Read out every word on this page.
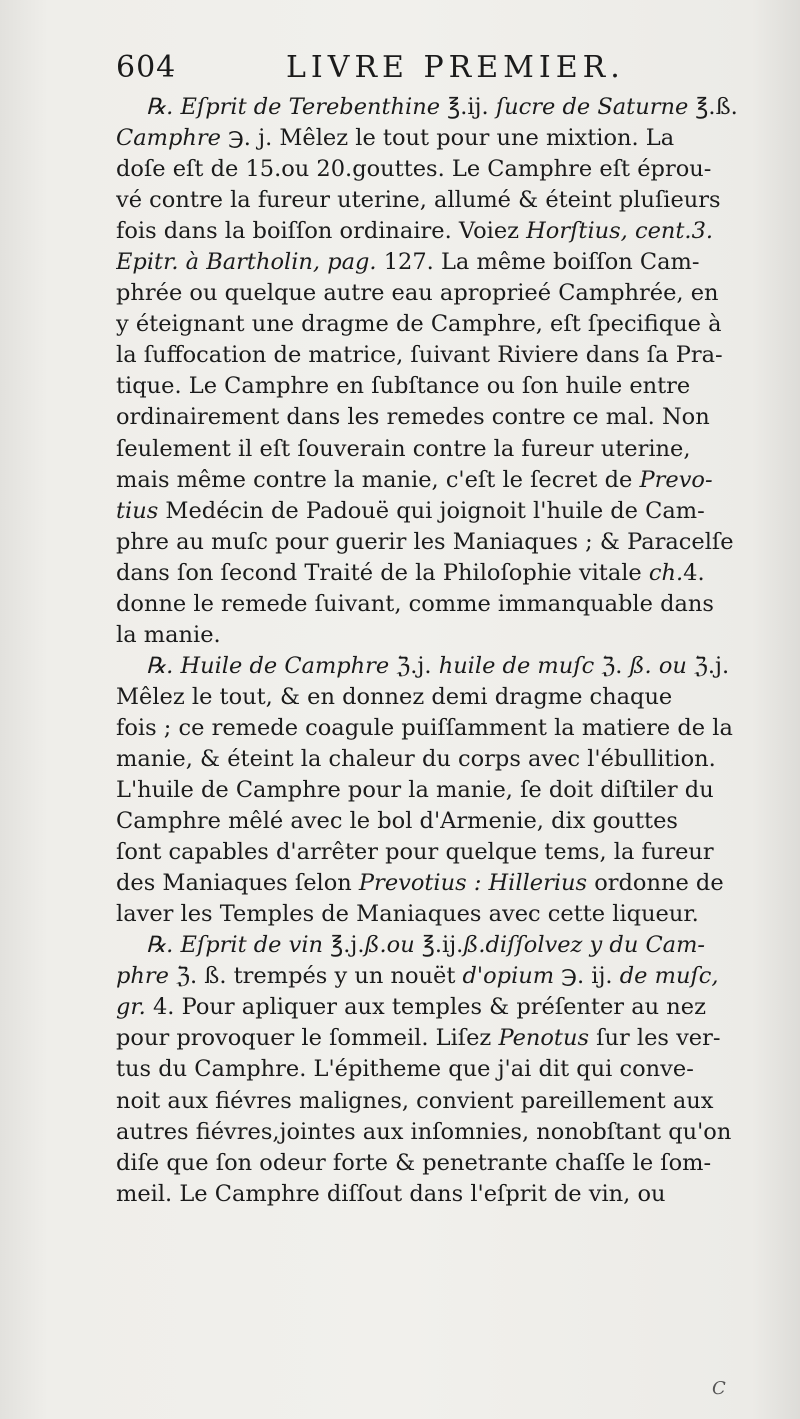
604	LIVRE PREMIER.
℞. Eſprit de Terebenthine ℥.ij. ſucre de Saturne ℥.ß.
Camphre ℈. j. Mêlez le tout pour une mixtion. La
doſe eſt de 15.ou 20.gouttes. Le Camphre eſt éprou-
vé contre la fureur uterine, allumé & éteint pluſieurs
fois dans la boiſſon ordinaire. Voiez Horſtius, cent.3.
Epitr. à Bartholin, pag. 127. La même boiſſon Cam-
phrée ou quelque autre eau aproprieé Camphrée, en
y éteignant une dragme de Camphre, eſt ſpecifique à
la ſuffocation de matrice, ſuivant Riviere dans ſa Pra-
tique. Le Camphre en ſubſtance ou ſon huile entre
ordinairement dans les remedes contre ce mal. Non
ſeulement il eſt ſouverain contre la fureur uterine,
mais même contre la manie, c'eſt le ſecret de Prevo-
tius Medécin de Padouë qui joignoit l'huile de Cam-
phre au muſc pour guerir les Maniaques ; & Paracelſe
dans ſon ſecond Traité de la Philoſophie vitale ch.4.
donne le remede ſuivant, comme immanquable dans
la manie.
℞. Huile de Camphre ℨ.j. huile de muſc ℨ. ß. ou ℨ.j.
Mêlez le tout, & en donnez demi dragme chaque
fois ; ce remede coagule puiſſamment la matiere de la
manie, & éteint la chaleur du corps avec l'ébullition.
L'huile de Camphre pour la manie, ſe doit diſtiler du
Camphre mêlé avec le bol d'Armenie, dix gouttes
ſont capables d'arrêter pour quelque tems, la fureur
des Maniaques ſelon Prevotius : Hillerius ordonne de
laver les Temples de Maniaques avec cette liqueur.
℞. Eſprit de vin ℥.j.ß.ou ℥.ij.ß.diſſolvez y du Cam-
phre ℨ. ß. trempés y un nouët d'opium ℈. ij. de muſc,
gr. 4. Pour apliquer aux temples & préſenter au nez
pour provoquer le ſommeil. Liſez Penotus ſur les ver-
tus du Camphre. L'épitheme que j'ai dit qui conve-
noit aux fiévres malignes, convient pareillement aux
autres fiévres,jointes aux inſomnies, nonobſtant qu'on
diſe que ſon odeur forte & penetrante chaſſe le ſom-
meil. Le Camphre diſſout dans l'eſprit de vin, ou
C
